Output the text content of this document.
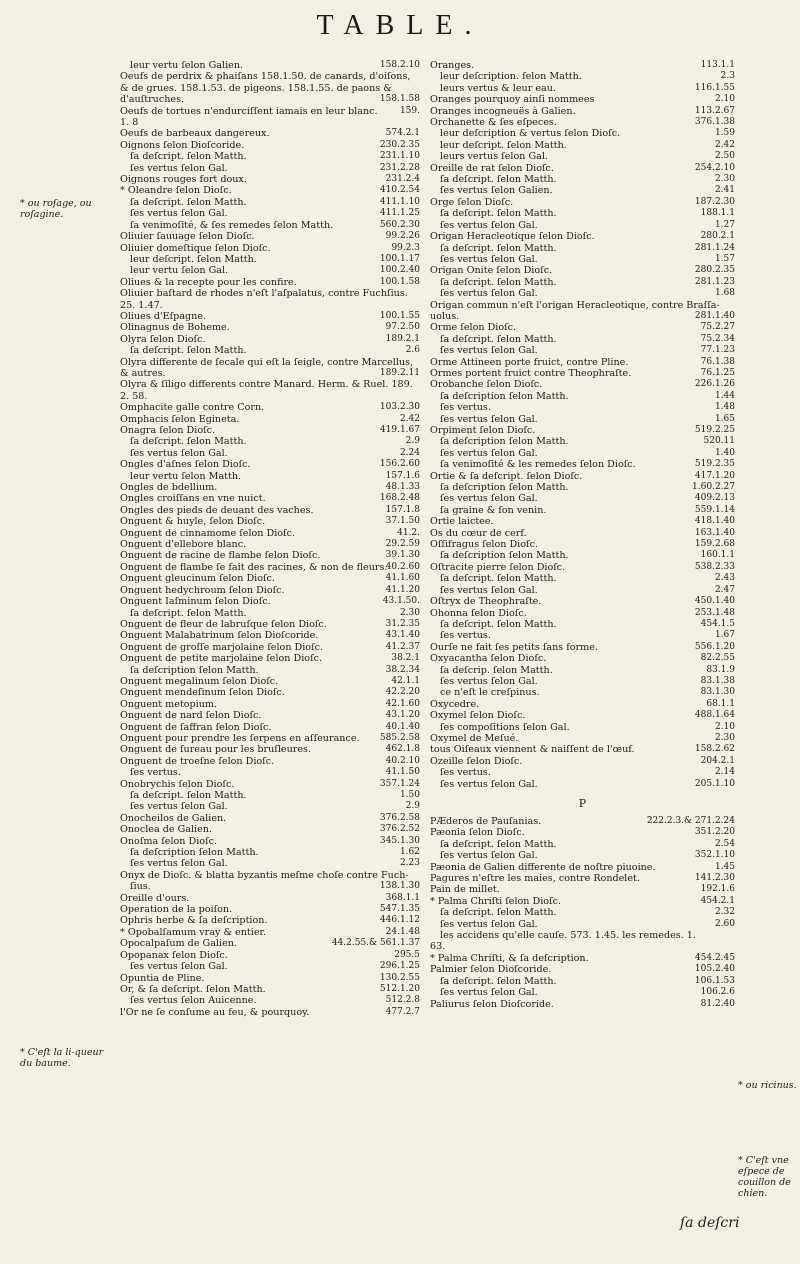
TABLE.
* ou roſage, ou roſagine.
* C'eſt la li-queur du baume.
* ou ricinus.
* C'eſt vne eſpece de couillon de chien.
leur vertu ſelon Galien.	158.2.10
Oeufs de perdrix & phaiſans 158.1.50. de canards, d'oiſons,
& de grues. 158.1.53. de pigeons. 158.1.55. de paons &
d'auſtruches.	158.1.58
Oeufs de tortues n'endurciſſent iamais en leur blanc. 159.
1. 8
Oeufs de barbeaux dangereux.	574.2.1
Oignons ſelon Dioſcoride.	230.2.35
ſa deſcript. ſelon Matth.	231.1.10
ſes vertus ſelon Gal.	231.2.28
Oignons rouges fort doux.	231.2.4
* Oleandre ſelon Dioſc.	410.2.54
ſa deſcript. ſelon Matth.	411.1.10
ſes vertus ſelon Gal.	411.1.25
ſa venimoſité, & ſes remedes ſelon Matth.	560.2.30
Oliuier ſauuage ſelon Dioſc.	99.2.26
Oliuier domeſtique ſelon Dioſc.	99.2.3
leur deſcript. ſelon Matth.	100.1.17
leur vertu ſelon Gal.	100.2.40
Oliues & la recepte pour les confire.	100.1.58
Oliuier baſtard de rhodes n'eſt l'aſpalatus, contre Fuchſius.
25. 1.47.
Oliues d'Eſpagne.	100.1.55
Olinagnus de Boheme.	97.2.50
Olyra ſelon Dioſc.	189.2.1
ſa deſcript. ſelon Matth.	2.6
Olyra differente de ſecale qui eſt la ſeigle, contre Marcellus,
& autres.	189.2.11
Olyra & ſiligo differents contre Manard. Herm. & Ruel. 189.
2. 58.
Omphacite galle contre Corn.	103.2.30
Omphacis ſelon Egineta.	2.42
Onagra ſelon Dioſc.	419.1.67
ſa deſcript. ſelon Matth.	2.9
ſes vertus ſelon Gal.	2.24
Ongles d'aſnes ſelon Dioſc.	156.2.60
leur vertu ſelon Matth.	157.1.6
Ongles de bdellium.	48.1.33
Ongles croiſſans en vne nuict.	168.2.48
Ongles des pieds de deuant des vaches.	157.1.8
Onguent & huyle, ſelon Dioſc.	37.1.50
Onguent de cinnamome ſelon Dioſc.	41.2.
Onguent d'ellebore blanc.	29.2.59
Onguent de racine de flambe ſelon Dioſc.	39.1.30
Onguent de flambe ſe fait des racines, & non de fleurs.
40.2.60
Onguent gleucinum ſelon Dioſc.	41.1.60
Onguent hedychroum ſelon Dioſc.	41.1.20
Onguent Iaſminum ſelon Dioſc.	43.1.50.
ſa deſcript. ſelon Matth.	2.30
Onguent de fleur de labruſque ſelon Dioſc.	31.2.35
Onguent Malabatrinum ſelon Dioſcoride.	43.1.40
Onguent de groſſe marjolaine ſelon Dioſc.	41.2.37
Onguent de petite marjolaine ſelon Dioſc.	38.2.1
ſa deſcription ſelon Matth.	38.2.34
Onguent megalinum ſelon Dioſc.	42.1.1
Onguent mendeſinum ſelon Dioſc.	42.2.20
Onguent metopium.	42.1.60
Onguent de nard ſelon Dioſc.	43.1.20
Onguent de ſaffran ſelon Dioſc.	40.1.40
Onguent pour prendre les ſerpens en aſſeurance. 585.2.58
Onguent de ſureau pour les bruſleures.	462.1.8
Onguent de troeſne ſelon Dioſc.	40.2.10
ſes vertus.	41.1.50
Onobrychis ſelon Dioſc.	357.1.24
ſa deſcript. ſelon Matth.	1.50
ſes vertus ſelon Gal.	2.9
Onocheilos de Galien.	376.2.58
Onoclea de Galien.	376.2.52
Onoſma ſelon Dioſc.	345.1.30
ſa deſcription ſelon Matth.	1.62
ſes vertus ſelon Gal.	2.23
Onyx de Dioſc. & blatta byzantis meſme choſe contre Fuch-
ſius.	138.1.30
Oreille d'ours.	368.1.1
Operation de la poiſon.	547.1.35
Ophris herbe & ſa deſcription.	446.1.12
* Opobalſamum vray & entier.	24.1.48
Opocalpaſum de Galien.	44.2.55.& 561.1.37
Opopanax ſelon Dioſc.	295.5
ſes vertus ſelon Gal.	296.1.25
Opuntia de Pline.	130.2.55
Or, & ſa deſcript. ſelon Matth.	512.1.20
ſes vertus ſelon Auicenne.	512.2.8
l'Or ne ſe conſume au feu, & pourquoy.	477.2.7
Oranges.	113.1.1
leur deſcription. ſelon Matth.	2.3
leurs vertus & leur eau.	116.1.55
Oranges pourquoy ainſi nommees	2.10
Oranges incogneuës à Galien.	113.2.67
Orchanette & ſes eſpeces.	376.1.38
leur deſcription & vertus ſelon Dioſc.	1.59
leur deſcript. ſelon Matth.	2.42
leurs vertus ſelon Gal.	2.50
Oreille de rat ſelon Dioſc.	254.2.10
ſa deſcript. ſelon Matth.	2.30
ſes vertus ſelon Galien.	2.41
Orge ſelon Dioſc.	187.2.30
ſa deſcript. ſelon Matth.	188.1.1
ſes vertus ſelon Gal.	1.27
Origan Heracleotique ſelon Dioſc.	280.2.1
ſa deſcript. ſelon Matth.	281.1.24
ſes vertus ſelon Gal.	1.57
Origan Onite ſelon Dioſc.	280.2.35
ſa deſcript. ſelon Matth.	281.1.23
ſes vertus ſelon Gal.	1.68
Origan commun n'eſt l'origan Heracleotique, contre Braſſa-
uolus.	281.1.40
Orme ſelon Dioſc.	75.2.27
ſa deſcript. ſelon Matth.	75.2.34
ſes vertus ſelon Gal.	77.1.23
Orme Attineen porte fruict, contre Pline.	76.1.38
Ormes portent fruict contre Theophraſte.	76.1.25
Orobanche ſelon Dioſc.	226.1.26
ſa deſcription ſelon Matth.	1.44
ſes vertus.	1.48
ſes vertus ſelon Gal.	1.65
Orpiment ſelon Dioſc.	519.2.25
ſa deſcription ſelon Matth.	520.11
ſes vertus ſelon Gal.	1.40
ſa venimoſité & les remedes ſelon Dioſc.	519.2.35
Ortie & ſa deſcript. ſelon Dioſc.	417.1.20
ſa deſcription ſelon Matth.	1.60.2.27
ſes vertus ſelon Gal.	409.2.13
ſa graine & ſon venin.	559.1.14
Ortie laictee.	418.1.40
Os du cœur de cerf.	163.1.40
Oſſifragus ſelon Dioſc.	159.2.68
ſa deſcription ſelon Matth.	160.1.1
Oſtracite pierre ſelon Dioſc.	538.2.33
ſa deſcript. ſelon Matth.	2.43
ſes vertus ſelon Gal.	2.47
Oſtryx de Theophraſte.	450.1.40
Ohonna ſelon Dioſc.	253.1.48
ſa deſcript. ſelon Matth.	454.1.5
ſes vertus.	1.67
Ourſe ne fait ſes petits ſans forme.	556.1.20
Oxyacantha ſelon Dioſc.	82.2.55
ſa deſcrip. ſelon Matth.	83.1.9
ſes vertus ſelon Gal.	83.1.38
ce n'eſt le creſpinus.	83.1.30
Oxycedre.	68.1.1
Oxymel ſelon Dioſc.	488.1.64
ſes compoſitions ſelon Gal.	2.10
Oxymel de Meſué.	2.30
tous Oiſeaux viennent & naiſſent de l'œuf.	158.2.62
Ozeille ſelon Dioſc.	204.2.1
ſes vertus.	2.14
ſes vertus ſelon Gal.	205.1.10
P
PÆderos de Pauſanias.	222.2.3.& 271.2.24
Pæonia ſelon Dioſc.	351.2.20
ſa deſcript. ſelon Matth.	2.54
ſes vertus ſelon Gal.	352.1.10
Pæonia de Galien differente de noſtre piuoine.	1.45
Pagures n'eſtre les maies, contre Rondelet.	141.2.30
Pain de millet.	192.1.6
* Palma Chriſti ſelon Dioſc.	454.2.1
ſa deſcript. ſelon Matth.	2.32
ſes vertus ſelon Gal.	2.60
les accidens qu'elle cauſe. 573. 1.45. les remedes. 1.
63.
* Palma Chriſti, & ſa deſcription.	454.2.45
Palmier ſelon Dioſcoride.	105.2.40
ſa deſcript. ſelon Matth.	106.1.53
ſes vertus ſelon Gal.	106.2.6
Paliurus ſelon Dioſcoride.	81.2.40
ſa deſcri
